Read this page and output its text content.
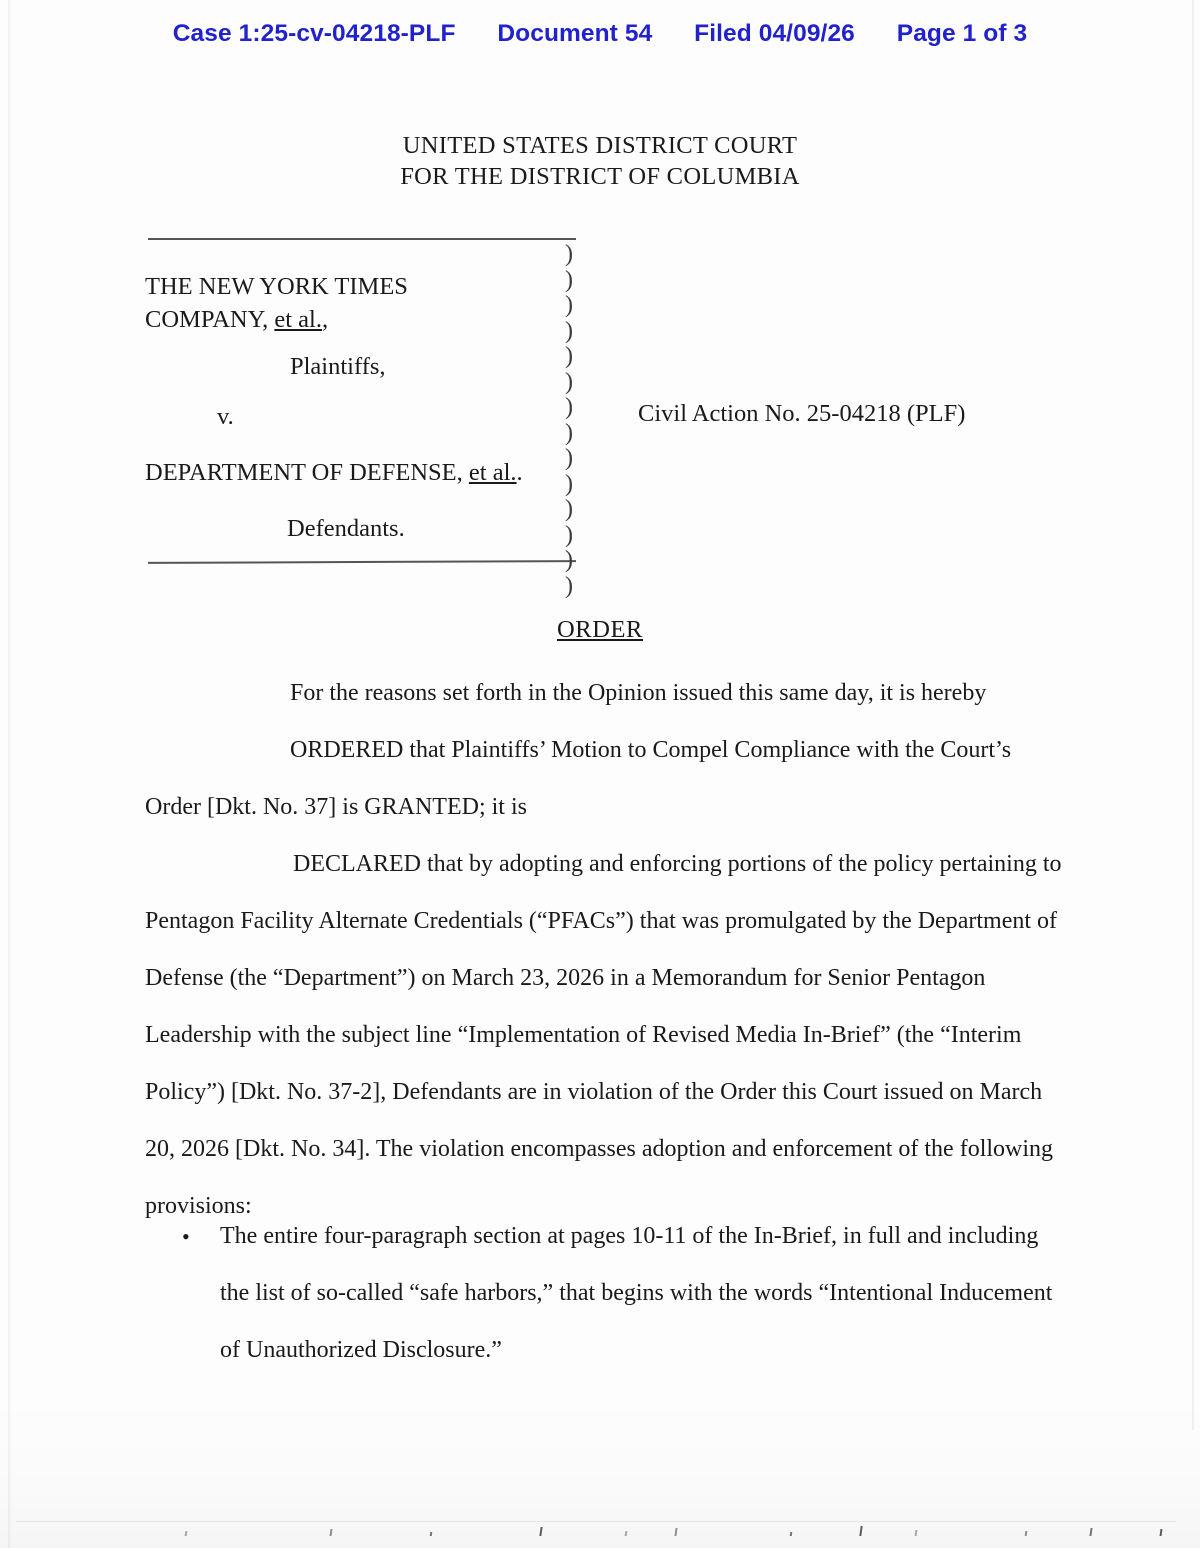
Case 1:25-cv-04218-PLF Document 54 Filed 04/09/26 Page 1 of 3
UNITED STATES DISTRICT COURT
FOR THE DISTRICT OF COLUMBIA
)
)
)
)
)
)
)
)
)
)
)
)
)
)
THE NEW YORK TIMES
COMPANY, et al.,
Plaintiffs,
v.
DEPARTMENT OF DEFENSE, et al..
Defendants.
Civil Action No. 25-04218 (PLF)
ORDER

For the reasons set forth in the Opinion issued this same day, it is hereby

ORDERED that Plaintiffs’ Motion to Compel Compliance with the Court’s Order [Dkt. No. 37] is GRANTED; it is

DECLARED that by adopting and enforcing portions of the policy pertaining to Pentagon Facility Alternate Credentials (“PFACs”) that was promulgated by the Department of Defense (the “Department”) on March 23, 2026 in a Memorandum for Senior Pentagon Leadership with the subject line “Implementation of Revised Media In-Brief” (the “Interim Policy”) [Dkt. No. 37-2], Defendants are in violation of the Order this Court issued on March 20, 2026 [Dkt. No. 34]. The violation encompasses adoption and enforcement of the following provisions:

•	The entire four-paragraph section at pages 10-11 of the In-Brief, in full and including the list of so-called “safe harbors,” that begins with the words “Intentional Inducement of Unauthorized Disclosure.”
